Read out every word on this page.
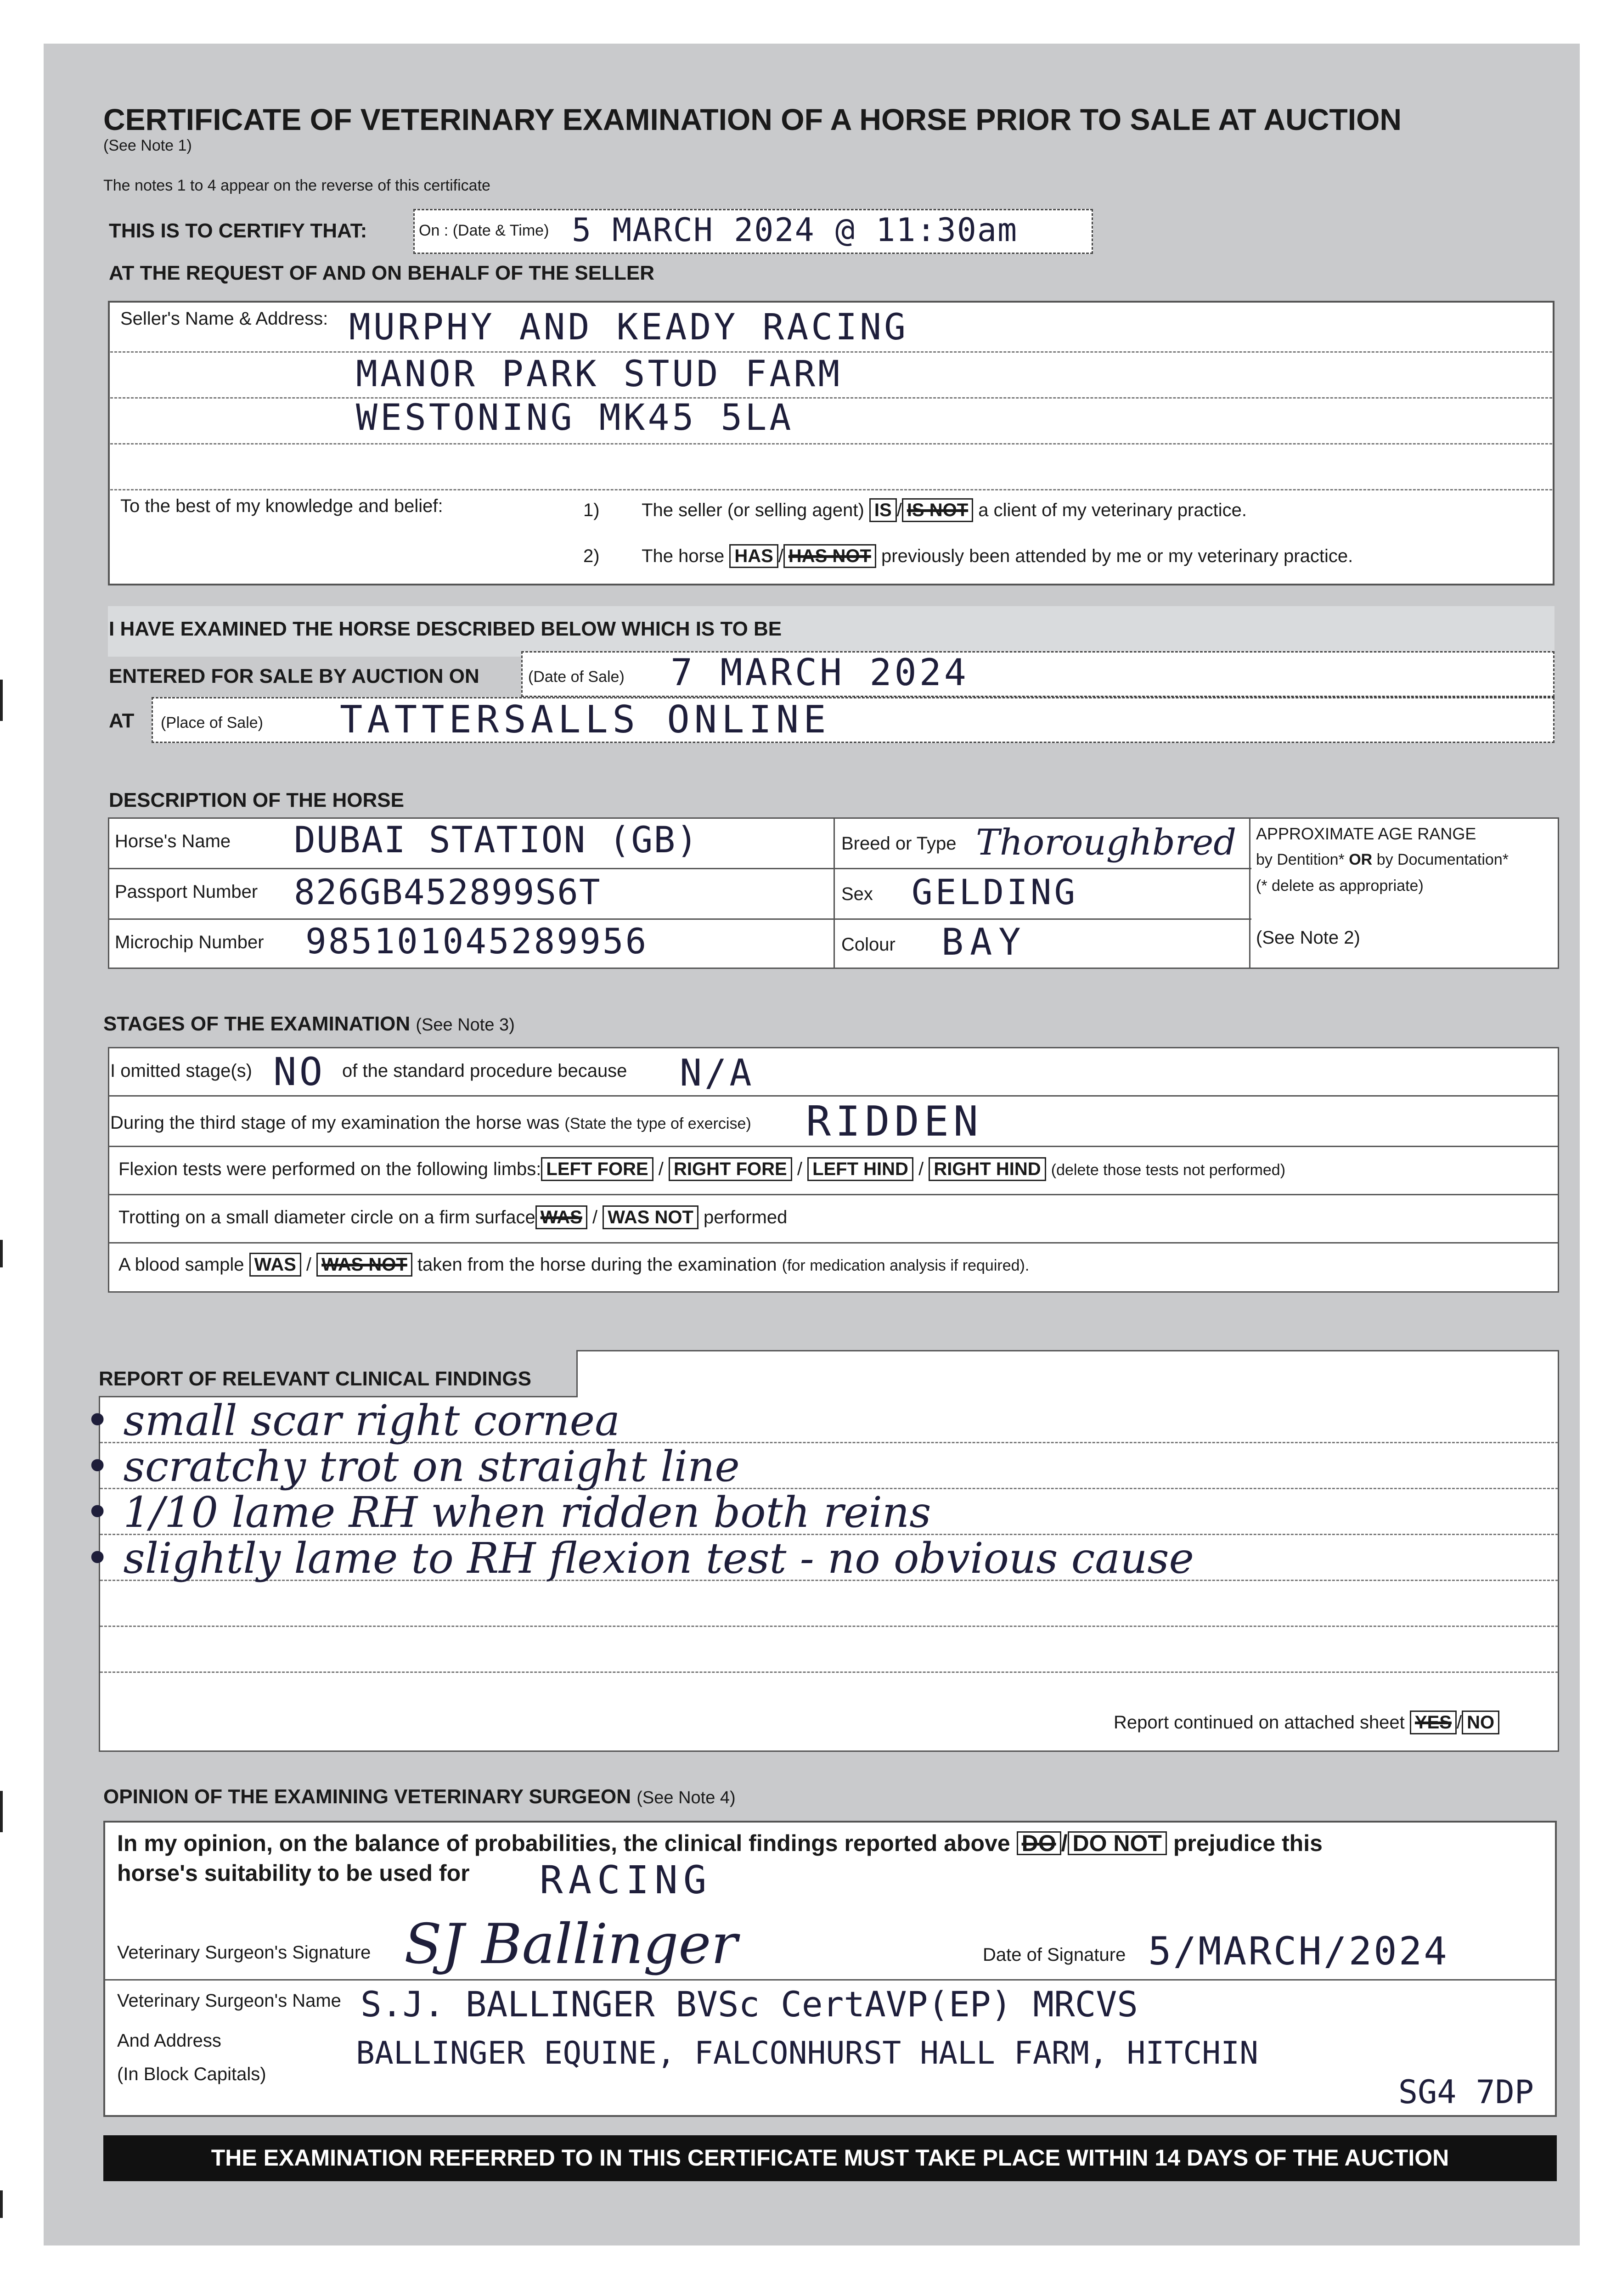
CERTIFICATE OF VETERINARY EXAMINATION OF A HORSE PRIOR TO SALE AT AUCTION
(See Note 1)
The notes 1 to 4 appear on the reverse of this certificate
THIS IS TO CERTIFY THAT:	On : (Date & Time) 5 MARCH 2024 @ 11:30am
AT THE REQUEST OF AND ON BEHALF OF THE SELLER
Seller's Name & Address: MURPHY AND KEADY RACING
MANOR PARK STUD FARM
WESTONING MK45 5LA
To the best of my knowledge and belief:	1) The seller (or selling agent) IS / IS NOT a client of my veterinary practice.
2) The horse HAS / HAS NOT previously been attended by me or my veterinary practice.
I HAVE EXAMINED THE HORSE DESCRIBED BELOW WHICH IS TO BE
ENTERED FOR SALE BY AUCTION ON	(Date of Sale) 7 MARCH 2024
AT (Place of Sale) TATTERSALLS ONLINE
DESCRIPTION OF THE HORSE
Horse's Name DUBAI STATION (GB)
Passport Number 826GB452899S6T
Microchip Number 985101045289956
Breed or Type Thoroughbred
Sex GELDING
Colour BAY
APPROXIMATE AGE RANGE
by Dentition* OR by Documentation*
(* delete as appropriate)
(See Note 2)
STAGES OF THE EXAMINATION (See Note 3)
I omitted stage(s) NO of the standard procedure because N/A
During the third stage of my examination the horse was (State the type of exercise) RIDDEN
Flexion tests were performed on the following limbs: LEFT FORE / RIGHT FORE / LEFT HIND / RIGHT HIND (delete those tests not performed)
Trotting on a small diameter circle on a firm surface WAS / WAS NOT performed
A blood sample WAS / WAS NOT taken from the horse during the examination (for medication analysis if required).
REPORT OF RELEVANT CLINICAL FINDINGS
• small scar right cornea
• scratchy trot on straight line
• 1/10 lame RH when ridden both reins
• slightly lame to RH flexion test - no obvious cause
Report continued on attached sheet YES / NO
OPINION OF THE EXAMINING VETERINARY SURGEON (See Note 4)
In my opinion, on the balance of probabilities, the clinical findings reported above DO / DO NOT prejudice this
horse's suitability to be used for RACING
Veterinary Surgeon's Signature SJ Ballinger	Date of Signature 5/MARCH/2024
Veterinary Surgeon's Name S.J. BALLINGER BVSc CertAVP(EP) MRCVS
And Address
(In Block Capitals)
BALLINGER EQUINE, FALCONHURST HALL FARM, HITCHIN
SG4 7DP
THE EXAMINATION REFERRED TO IN THIS CERTIFICATE MUST TAKE PLACE WITHIN 14 DAYS OF THE AUCTION
